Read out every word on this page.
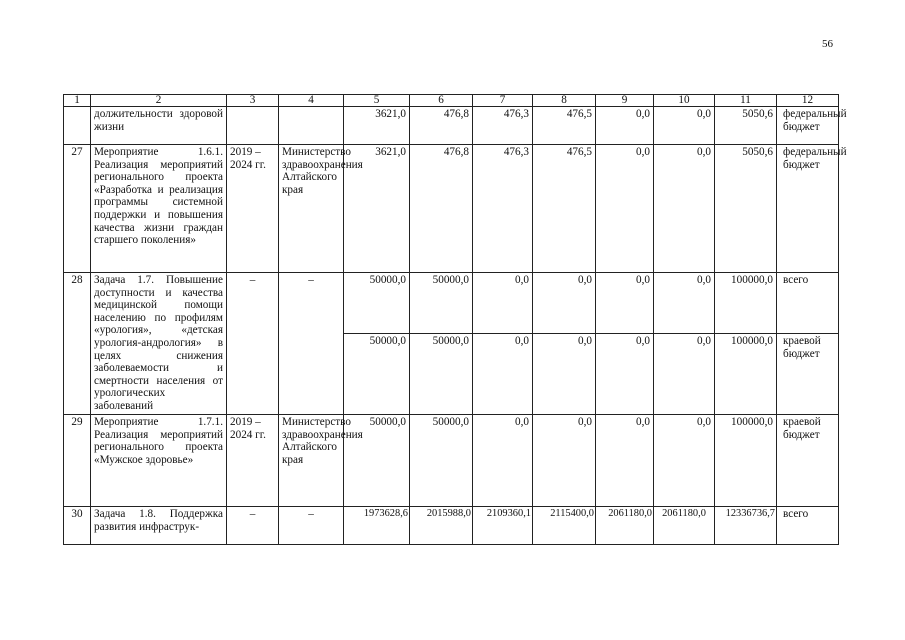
56
1	2	3	4	5	6	7	8	9	10	11	12
	должительности здоровой жизни			3621,0	476,8	476,3	476,5	0,0	0,0	5050,6	федеральный бюджет
27	Мероприятие 1.6.1. Реализация мероприятий регионального проекта «Разработка и реализация программы системной поддержки и повышения качества жизни граждан старшего поколения»	2019 – 2024 гг.	Министерство здравоохранения Алтайского края	3621,0	476,8	476,3	476,5	0,0	0,0	5050,6	федеральный бюджет
28	Задача 1.7. Повышение доступности и качества медицинской помощи населению по профилям «урология», «детская урология-андрология» в целях снижения заболеваемости и смертности населения от урологических заболеваний	–	–	50000,0	50000,0	0,0	0,0	0,0	0,0	100000,0	всего
				50000,0	50000,0	0,0	0,0	0,0	0,0	100000,0	краевой бюджет
29	Мероприятие 1.7.1. Реализация мероприятий регионального проекта «Мужское здоровье»	2019 – 2024 гг.	Министерство здравоохранения Алтайского края	50000,0	50000,0	0,0	0,0	0,0	0,0	100000,0	краевой бюджет
30	Задача 1.8. Поддержка развития инфраструк-	–	–	1973628,6	2015988,0	2109360,1	2115400,0	2061180,0	2061180,0	12336736,7	всего
